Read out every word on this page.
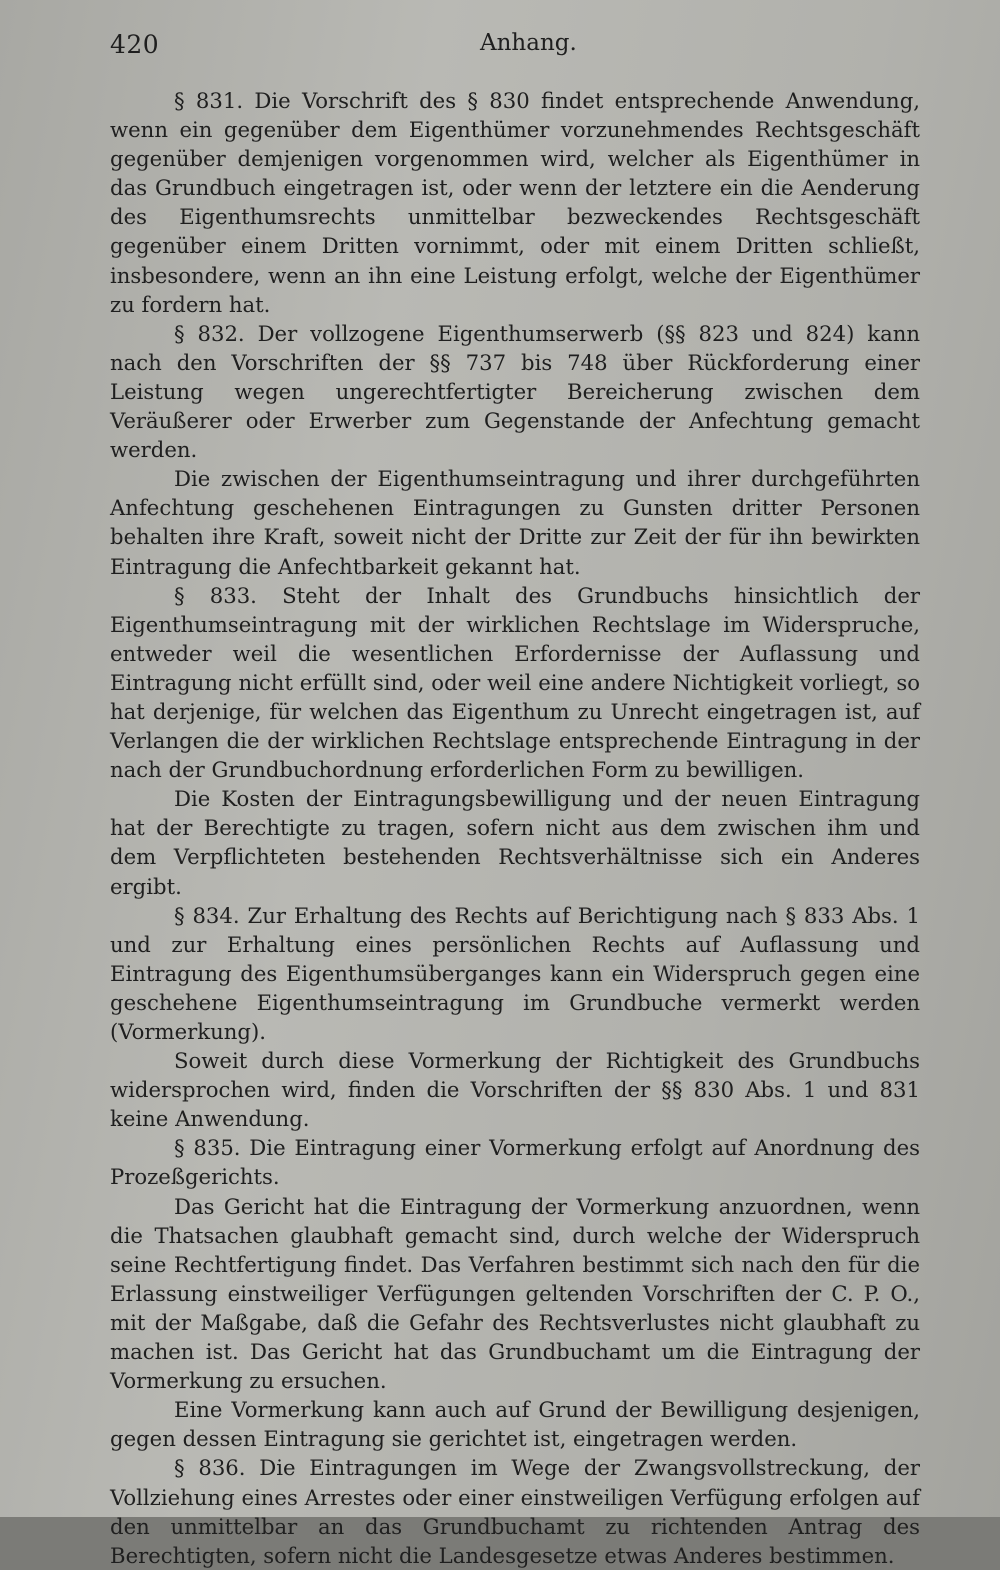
420	Anhang.

§ 831. Die Vorschrift des § 830 findet entsprechende Anwendung, wenn ein gegenüber dem Eigenthümer vorzunehmendes Rechtsgeschäft gegenüber demjenigen vorgenommen wird, welcher als Eigenthümer in das Grundbuch eingetragen ist, oder wenn der letztere ein die Aenderung des Eigenthumsrechts unmittelbar bezweckendes Rechtsgeschäft gegenüber einem Dritten vornimmt, oder mit einem Dritten schließt, insbesondere, wenn an ihn eine Leistung erfolgt, welche der Eigenthümer zu fordern hat.

§ 832. Der vollzogene Eigenthumserwerb (§§ 823 und 824) kann nach den Vorschriften der §§ 737 bis 748 über Rückforderung einer Leistung wegen ungerechtfertigter Bereicherung zwischen dem Veräußerer oder Erwerber zum Gegenstande der Anfechtung gemacht werden.

Die zwischen der Eigenthumseintragung und ihrer durchgeführten Anfechtung geschehenen Eintragungen zu Gunsten dritter Personen behalten ihre Kraft, soweit nicht der Dritte zur Zeit der für ihn bewirkten Eintragung die Anfechtbarkeit gekannt hat.

§ 833. Steht der Inhalt des Grundbuchs hinsichtlich der Eigenthumseintragung mit der wirklichen Rechtslage im Widerspruche, entweder weil die wesentlichen Erfordernisse der Auflassung und Eintragung nicht erfüllt sind, oder weil eine andere Nichtigkeit vorliegt, so hat derjenige, für welchen das Eigenthum zu Unrecht eingetragen ist, auf Verlangen die der wirklichen Rechtslage entsprechende Eintragung in der nach der Grundbuchordnung erforderlichen Form zu bewilligen.

Die Kosten der Eintragungsbewilligung und der neuen Eintragung hat der Berechtigte zu tragen, sofern nicht aus dem zwischen ihm und dem Verpflichteten bestehenden Rechtsverhältnisse sich ein Anderes ergibt.

§ 834. Zur Erhaltung des Rechts auf Berichtigung nach § 833 Abs. 1 und zur Erhaltung eines persönlichen Rechts auf Auflassung und Eintragung des Eigenthumsüberganges kann ein Widerspruch gegen eine geschehene Eigenthumseintragung im Grundbuche vermerkt werden (Vormerkung).

Soweit durch diese Vormerkung der Richtigkeit des Grundbuchs widersprochen wird, finden die Vorschriften der §§ 830 Abs. 1 und 831 keine Anwendung.

§ 835. Die Eintragung einer Vormerkung erfolgt auf Anordnung des Prozeßgerichts.

Das Gericht hat die Eintragung der Vormerkung anzuordnen, wenn die Thatsachen glaubhaft gemacht sind, durch welche der Widerspruch seine Rechtfertigung findet. Das Verfahren bestimmt sich nach den für die Erlassung einstweiliger Verfügungen geltenden Vorschriften der C. P. O., mit der Maßgabe, daß die Gefahr des Rechtsverlustes nicht glaubhaft zu machen ist. Das Gericht hat das Grundbuchamt um die Eintragung der Vormerkung zu ersuchen.

Eine Vormerkung kann auch auf Grund der Bewilligung desjenigen, gegen dessen Eintragung sie gerichtet ist, eingetragen werden.

§ 836. Die Eintragungen im Wege der Zwangsvollstreckung, der Vollziehung eines Arrestes oder einer einstweiligen Verfügung erfolgen auf den unmittelbar an das Grundbuchamt zu richtenden Antrag des Berechtigten, sofern nicht die Landesgesetze etwas Anderes bestimmen.
